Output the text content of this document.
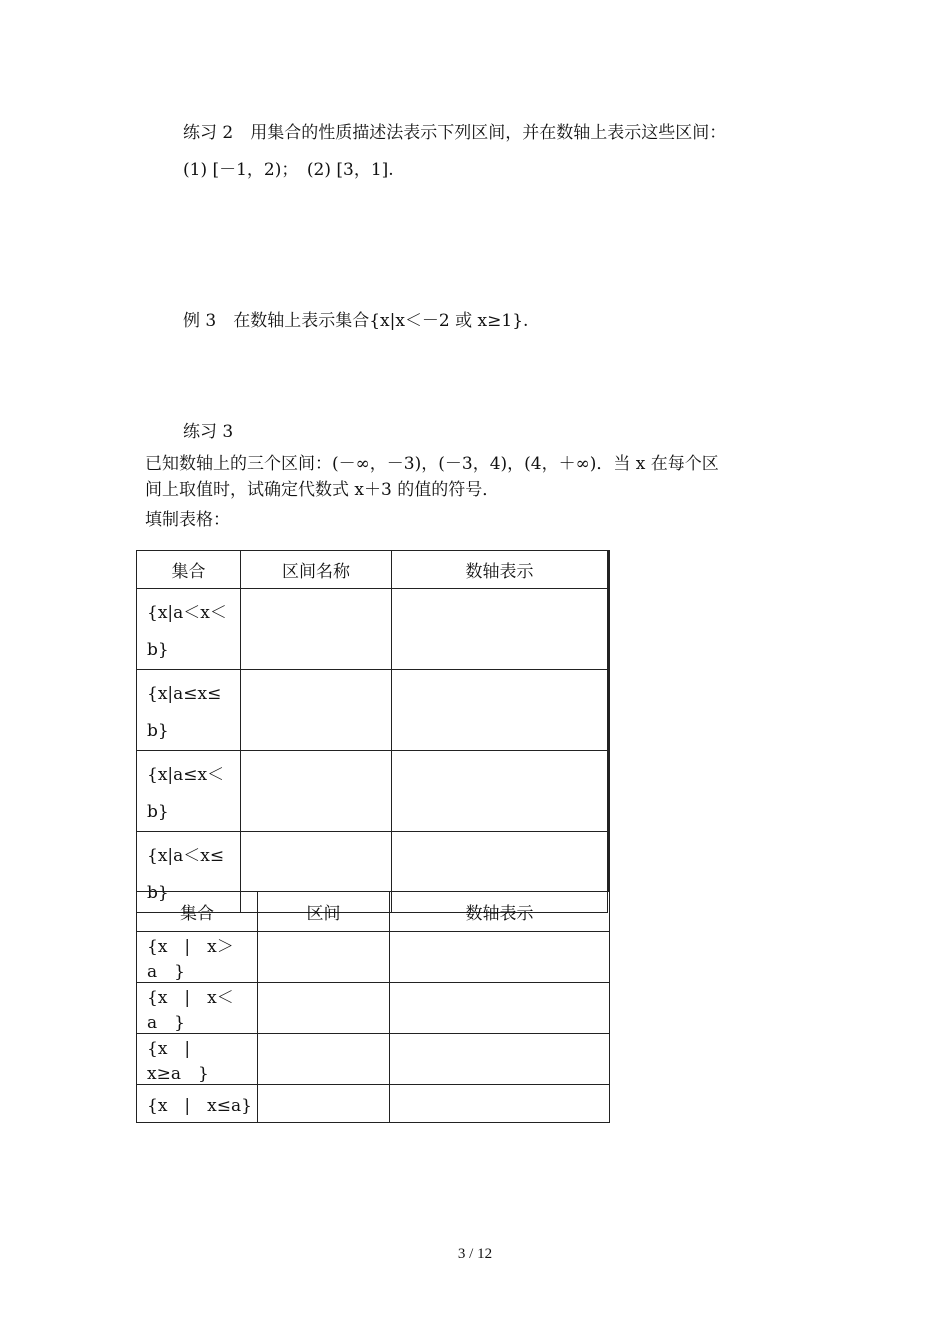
练习 2　用集合的性质描述法表示下列区间，并在数轴上表示这些区间：
(1) [－1，2)；　(2) [3，1].
例 3　在数轴上表示集合{x|x＜－2 或 x≥1}.
练习 3
已知数轴上的三个区间：(－∞，－3)，(－3，4)，(4，＋∞)．当 x 在每个区
间上取值时，试确定代数式 x＋3 的值的符号．
填制表格：
集合	区间名称	数轴表示

{x|a＜x＜
b}		

{x|a≤x≤
b}		

{x|a≤x＜
b}		

{x|a＜x≤
b}		

集合	区间	数轴表示
{x　|　x＞a　}		
{x　|　x＜a　}		
{x　|　x≥a　}		
{x　|　x≤a}		
3 / 12
